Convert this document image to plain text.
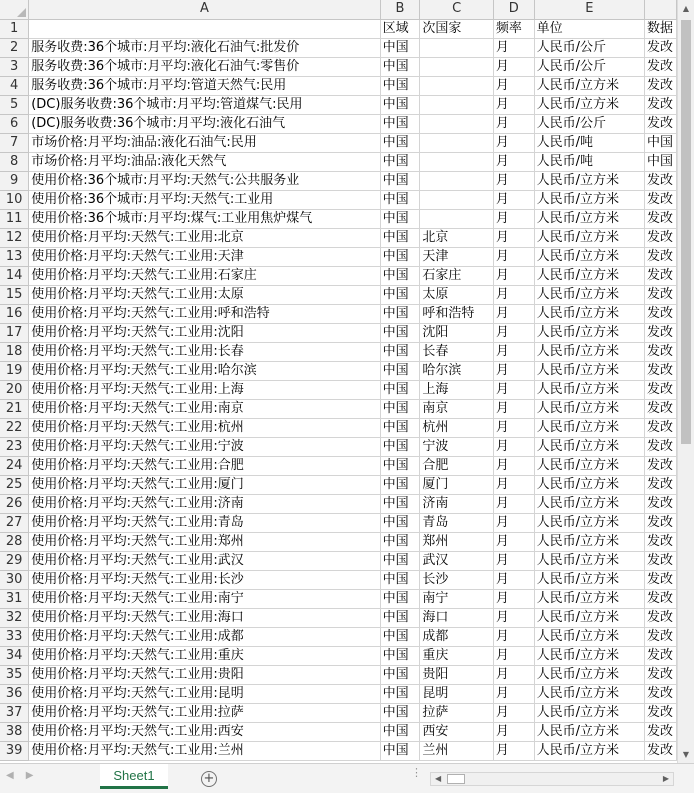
	A	B	C	D	E	
1		区域	次国家	频率	单位	数据
2	服务收费:36个城市:月平均:液化石油气:批发价	中国		月	人民币/公斤	发改
3	服务收费:36个城市:月平均:液化石油气:零售价	中国		月	人民币/公斤	发改
4	服务收费:36个城市:月平均:管道天然气:民用	中国		月	人民币/立方米	发改
5	(DC)服务收费:36个城市:月平均:管道煤气:民用	中国		月	人民币/立方米	发改
6	(DC)服务收费:36个城市:月平均:液化石油气	中国		月	人民币/公斤	发改
7	市场价格:月平均:油品:液化石油气:民用	中国		月	人民币/吨	中国
8	市场价格:月平均:油品:液化天然气	中国		月	人民币/吨	中国
9	使用价格:36个城市:月平均:天然气:公共服务业	中国		月	人民币/立方米	发改
10	使用价格:36个城市:月平均:天然气:工业用	中国		月	人民币/立方米	发改
11	使用价格:36个城市:月平均:煤气:工业用焦炉煤气	中国		月	人民币/立方米	发改
12	使用价格:月平均:天然气:工业用:北京	中国	北京	月	人民币/立方米	发改
13	使用价格:月平均:天然气:工业用:天津	中国	天津	月	人民币/立方米	发改
14	使用价格:月平均:天然气:工业用:石家庄	中国	石家庄	月	人民币/立方米	发改
15	使用价格:月平均:天然气:工业用:太原	中国	太原	月	人民币/立方米	发改
16	使用价格:月平均:天然气:工业用:呼和浩特	中国	呼和浩特	月	人民币/立方米	发改
17	使用价格:月平均:天然气:工业用:沈阳	中国	沈阳	月	人民币/立方米	发改
18	使用价格:月平均:天然气:工业用:长春	中国	长春	月	人民币/立方米	发改
19	使用价格:月平均:天然气:工业用:哈尔滨	中国	哈尔滨	月	人民币/立方米	发改
20	使用价格:月平均:天然气:工业用:上海	中国	上海	月	人民币/立方米	发改
21	使用价格:月平均:天然气:工业用:南京	中国	南京	月	人民币/立方米	发改
22	使用价格:月平均:天然气:工业用:杭州	中国	杭州	月	人民币/立方米	发改
23	使用价格:月平均:天然气:工业用:宁波	中国	宁波	月	人民币/立方米	发改
24	使用价格:月平均:天然气:工业用:合肥	中国	合肥	月	人民币/立方米	发改
25	使用价格:月平均:天然气:工业用:厦门	中国	厦门	月	人民币/立方米	发改
26	使用价格:月平均:天然气:工业用:济南	中国	济南	月	人民币/立方米	发改
27	使用价格:月平均:天然气:工业用:青岛	中国	青岛	月	人民币/立方米	发改
28	使用价格:月平均:天然气:工业用:郑州	中国	郑州	月	人民币/立方米	发改
29	使用价格:月平均:天然气:工业用:武汉	中国	武汉	月	人民币/立方米	发改
30	使用价格:月平均:天然气:工业用:长沙	中国	长沙	月	人民币/立方米	发改
31	使用价格:月平均:天然气:工业用:南宁	中国	南宁	月	人民币/立方米	发改
32	使用价格:月平均:天然气:工业用:海口	中国	海口	月	人民币/立方米	发改
33	使用价格:月平均:天然气:工业用:成都	中国	成都	月	人民币/立方米	发改
34	使用价格:月平均:天然气:工业用:重庆	中国	重庆	月	人民币/立方米	发改
35	使用价格:月平均:天然气:工业用:贵阳	中国	贵阳	月	人民币/立方米	发改
36	使用价格:月平均:天然气:工业用:昆明	中国	昆明	月	人民币/立方米	发改
37	使用价格:月平均:天然气:工业用:拉萨	中国	拉萨	月	人民币/立方米	发改
38	使用价格:月平均:天然气:工业用:西安	中国	西安	月	人民币/立方米	发改
39	使用价格:月平均:天然气:工业用:兰州	中国	兰州	月	人民币/立方米	发改
▲
▼
◀▶	Sheet1	+	⋮ ◀	▶
